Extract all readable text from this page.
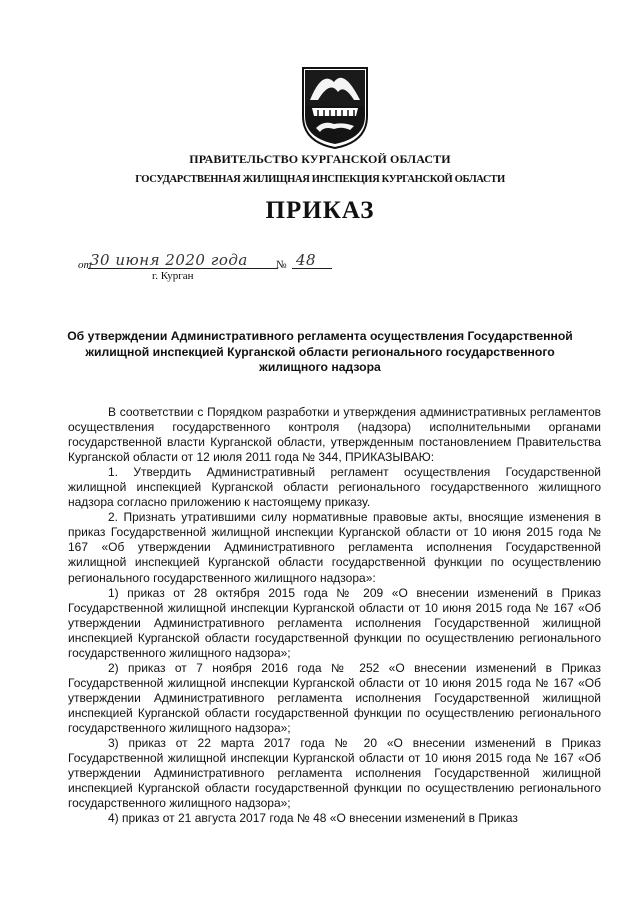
ПРАВИТЕЛЬСТВО КУРГАНСКОЙ ОБЛАСТИ
ГОСУДАРСТВЕННАЯ ЖИЛИЩНАЯ ИНСПЕКЦИЯ КУРГАНСКОЙ ОБЛАСТИ
ПРИКАЗ
от
30 июня 2020 года	№ 48
г. Курган
Об утверждении Административного регламента осуществления Государственной жилищной инспекцией Курганской области регионального государственного жилищного надзора

В соответствии с Порядком разработки и утверждения административных регламентов осуществления государственного контроля (надзора) исполнительными органами государственной власти Курганской области, утвержденным постановлением Правительства Курганской области от 12 июля 2011 года № 344, ПРИКАЗЫВАЮ:

1. Утвердить Административный регламент осуществления Государственной жилищной инспекцией Курганской области регионального государственного жилищного надзора согласно приложению к настоящему приказу.

2. Признать утратившими силу нормативные правовые акты, вносящие изменения в приказ Государственной жилищной инспекции Курганской области от 10 июня 2015 года № 167 «Об утверждении Административного регламента исполнения Государственной жилищной инспекцией Курганской области государственной функции по осуществлению регионального государственного жилищного надзора»:

1) приказ от 28 октября 2015 года № 209 «О внесении изменений в Приказ Государственной жилищной инспекции Курганской области от 10 июня 2015 года № 167 «Об утверждении Административного регламента исполнения Государственной жилищной инспекцией Курганской области государственной функции по осуществлению регионального государственного жилищного надзора»;

2) приказ от 7 ноября 2016 года № 252 «О внесении изменений в Приказ Государственной жилищной инспекции Курганской области от 10 июня 2015 года № 167 «Об утверждении Административного регламента исполнения Государственной жилищной инспекцией Курганской области государственной функции по осуществлению регионального государственного жилищного надзора»;

3) приказ от 22 марта 2017 года № 20 «О внесении изменений в Приказ Государственной жилищной инспекции Курганской области от 10 июня 2015 года № 167 «Об утверждении Административного регламента исполнения Государственной жилищной инспекцией Курганской области государственной функции по осуществлению регионального государственного жилищного надзора»;

4) приказ от 21 августа 2017 года № 48 «О внесении изменений в Приказ
